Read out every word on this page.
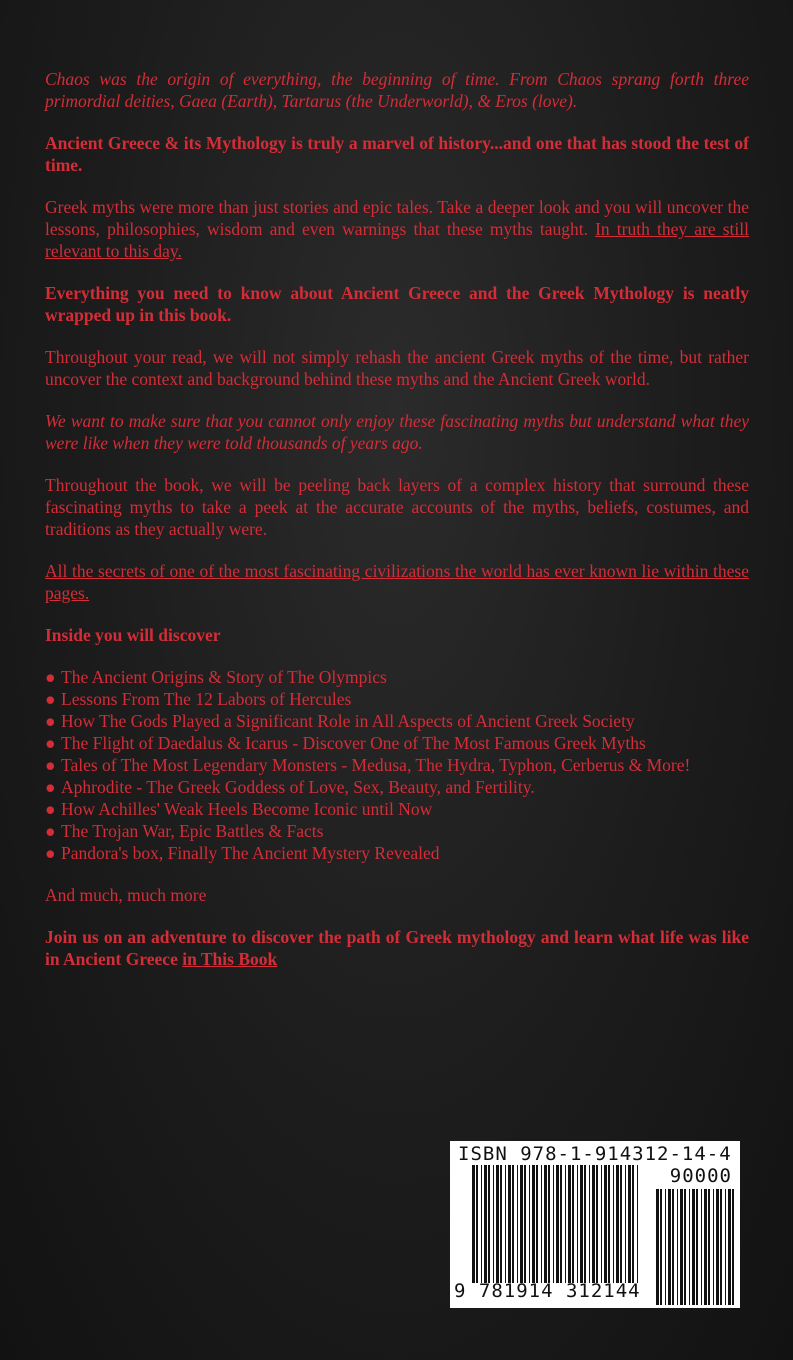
Chaos was the origin of everything, the beginning of time. From Chaos sprang forth three primordial deities, Gaea (Earth), Tartarus (the Underworld), & Eros (love).

Ancient Greece & its Mythology is truly a marvel of history...and one that has stood the test of time.

Greek myths were more than just stories and epic tales. Take a deeper look and you will uncover the lessons, philosophies, wisdom and even warnings that these myths taught. In truth they are still relevant to this day.

Everything you need to know about Ancient Greece and the Greek Mythology is neatly wrapped up in this book.

Throughout your read, we will not simply rehash the ancient Greek myths of the time, but rather uncover the context and background behind these myths and the Ancient Greek world.

We want to make sure that you cannot only enjoy these fascinating myths but understand what they were like when they were told thousands of years ago.

Throughout the book, we will be peeling back layers of a complex history that surround these fascinating myths to take a peek at the accurate accounts of the myths, beliefs, costumes, and traditions as they actually were.

All the secrets of one of the most fascinating civilizations the world has ever known lie within these pages.

Inside you will discover

● The Ancient Origins & Story of The Olympics
● Lessons From The 12 Labors of Hercules
● How The Gods Played a Significant Role in All Aspects of Ancient Greek Society
● The Flight of Daedalus & Icarus - Discover One of The Most Famous Greek Myths
● Tales of The Most Legendary Monsters - Medusa, The Hydra, Typhon, Cerberus & More!
● Aphrodite - The Greek Goddess of Love, Sex, Beauty, and Fertility.
● How Achilles' Weak Heels Become Iconic until Now
● The Trojan War, Epic Battles & Facts
● Pandora's box, Finally The Ancient Mystery Revealed

And much, much more

Join us on an adventure to discover the path of Greek mythology and learn what life was like in Ancient Greece in This Book

ISBN 978-1-914312-14-4
90000
9 781914 312144
